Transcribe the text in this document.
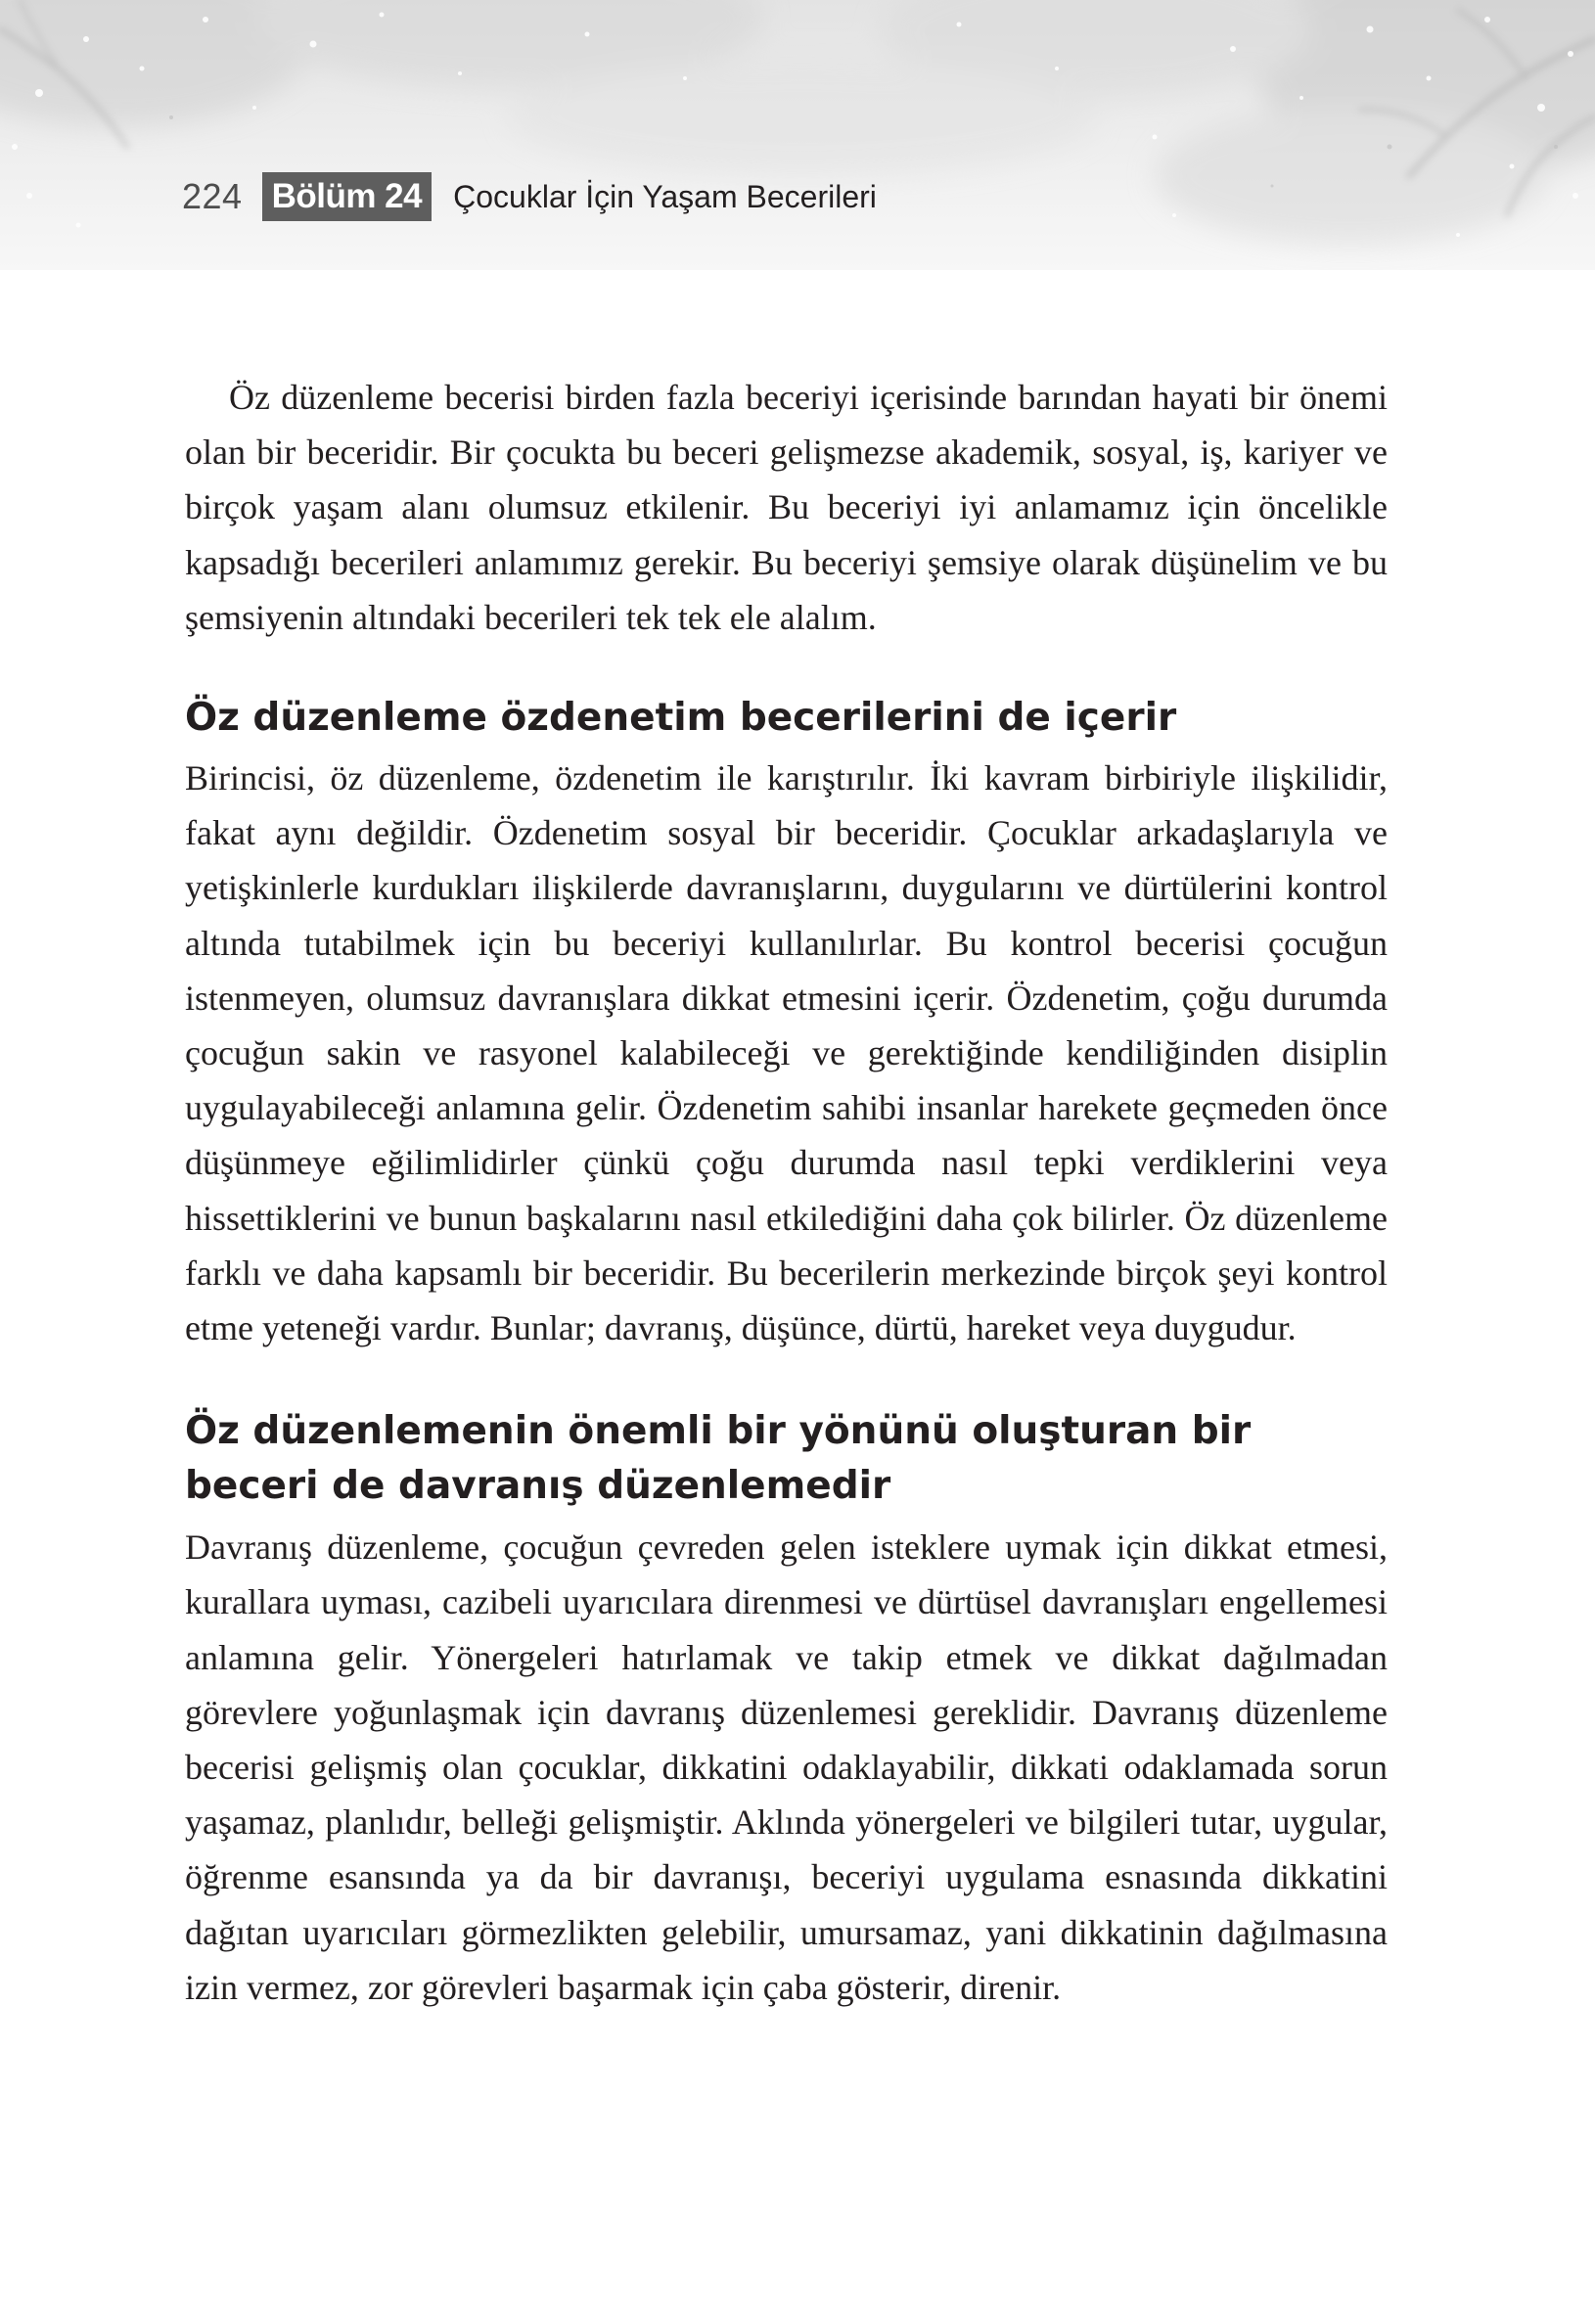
224 Bölüm 24	Çocuklar İçin Yaşam Becerileri

Öz düzenleme becerisi birden fazla beceriyi içerisinde barından hayati bir önemi olan bir beceridir. Bir çocukta bu beceri gelişmezse akademik, sosyal, iş, kariyer ve birçok yaşam alanı olumsuz etkilenir. Bu beceriyi iyi anlamamız için öncelikle kapsadığı becerileri anlamımız gerekir. Bu beceriyi şemsiye olarak düşünelim ve bu şemsiyenin altındaki becerileri tek tek ele alalım.

Öz düzenleme özdenetim becerilerini de içerir

Birincisi, öz düzenleme, özdenetim ile karıştırılır. İki kavram birbiriyle ilişkilidir, fakat aynı değildir. Özdenetim sosyal bir beceridir. Çocuklar arkadaşlarıyla ve yetişkinlerle kurdukları ilişkilerde davranışlarını, duygularını ve dürtülerini kontrol altında tutabilmek için bu beceriyi kullanılırlar. Bu kontrol becerisi çocuğun istenmeyen, olumsuz davranışlara dikkat etmesini içerir. Özdenetim, çoğu durumda çocuğun sakin ve rasyonel kalabileceği ve gerektiğinde kendiliğinden disiplin uygulayabileceği anlamına gelir. Özdenetim sahibi insanlar harekete geçmeden önce düşünmeye eğilimlidirler çünkü çoğu durumda nasıl tepki verdiklerini veya hissettiklerini ve bunun başkalarını nasıl etkilediğini daha çok bilirler. Öz düzenleme farklı ve daha kapsamlı bir beceridir. Bu becerilerin merkezinde birçok şeyi kontrol etme yeteneği vardır. Bunlar; davranış, düşünce, dürtü, hareket veya duygudur.

Öz düzenlemenin önemli bir yönünü oluşturan bir beceri de davranış düzenlemedir

Davranış düzenleme, çocuğun çevreden gelen isteklere uymak için dikkat etmesi, kurallara uyması, cazibeli uyarıcılara direnmesi ve dürtüsel davranışları engellemesi anlamına gelir. Yönergeleri hatırlamak ve takip etmek ve dikkat dağılmadan görevlere yoğunlaşmak için davranış düzenlemesi gereklidir. Davranış düzenleme becerisi gelişmiş olan çocuklar, dikkatini odaklayabilir, dikkati odaklamada sorun yaşamaz, planlıdır, belleği gelişmiştir. Aklında yönergeleri ve bilgileri tutar, uygular, öğrenme esansında ya da bir davranışı, beceriyi uygulama esnasında dikkatini dağıtan uyarıcıları görmezlikten gelebilir, umursamaz, yani dikkatinin dağılmasına izin vermez, zor görevleri başarmak için çaba gösterir, direnir.
